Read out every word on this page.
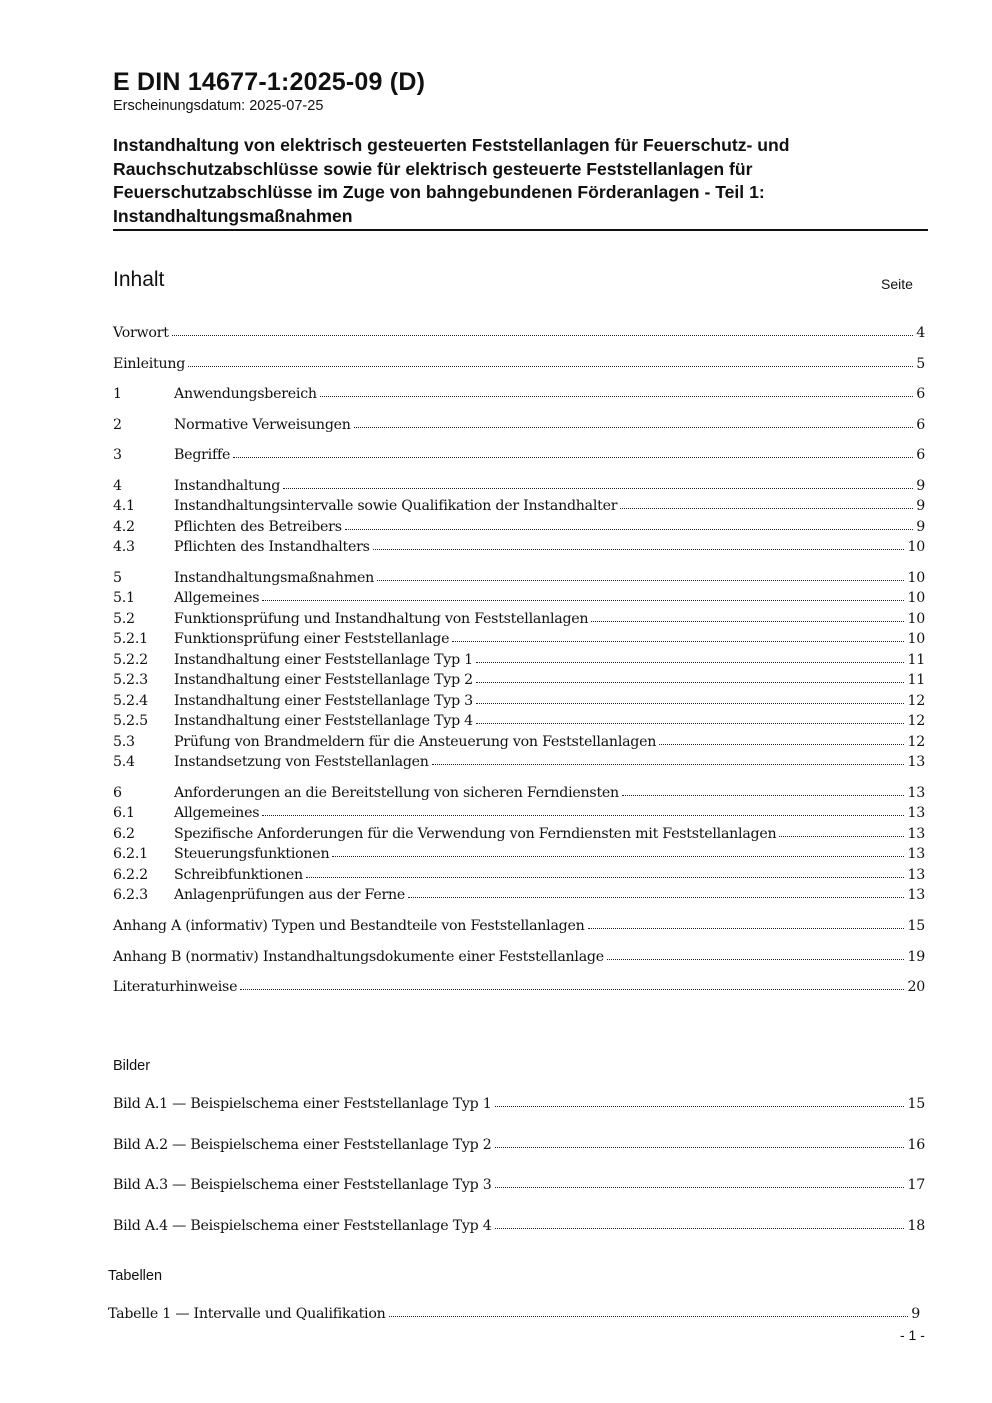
E DIN 14677-1:2025-09 (D)
Erscheinungsdatum: 2025-07-25
Instandhaltung von elektrisch gesteuerten Feststellanlagen für Feuerschutz- und
Rauchschutzabschlüsse sowie für elektrisch gesteuerte Feststellanlagen für
Feuerschutzabschlüsse im Zuge von bahngebundenen Förderanlagen - Teil 1:
Instandhaltungsmaßnahmen
Inhalt	Seite
Vorwort	4
Einleitung	5
1	Anwendungsbereich	6
2	Normative Verweisungen	6
3	Begriffe	6
4	Instandhaltung	9
4.1	Instandhaltungsintervalle sowie Qualifikation der Instandhalter	9
4.2	Pflichten des Betreibers	9
4.3	Pflichten des Instandhalters	10
5	Instandhaltungsmaßnahmen	10
5.1	Allgemeines	10
5.2	Funktionsprüfung und Instandhaltung von Feststellanlagen	10
5.2.1	Funktionsprüfung einer Feststellanlage	10
5.2.2	Instandhaltung einer Feststellanlage Typ 1	11
5.2.3	Instandhaltung einer Feststellanlage Typ 2	11
5.2.4	Instandhaltung einer Feststellanlage Typ 3	12
5.2.5	Instandhaltung einer Feststellanlage Typ 4	12
5.3	Prüfung von Brandmeldern für die Ansteuerung von Feststellanlagen	12
5.4	Instandsetzung von Feststellanlagen	13
6	Anforderungen an die Bereitstellung von sicheren Ferndiensten	13
6.1	Allgemeines	13
6.2	Spezifische Anforderungen für die Verwendung von Ferndiensten mit Feststellanlagen	13
6.2.1	Steuerungsfunktionen	13
6.2.2	Schreibfunktionen	13
6.2.3	Anlagenprüfungen aus der Ferne	13
Anhang A (informativ) Typen und Bestandteile von Feststellanlagen	15
Anhang B (normativ) Instandhaltungsdokumente einer Feststellanlage	19
Literaturhinweise	20
Bilder
Bild A.1 — Beispielschema einer Feststellanlage Typ 1	15
Bild A.2 — Beispielschema einer Feststellanlage Typ 2	16
Bild A.3 — Beispielschema einer Feststellanlage Typ 3	17
Bild A.4 — Beispielschema einer Feststellanlage Typ 4	18
Tabellen
Tabelle 1 — Intervalle und Qualifikation	9
- 1 -
